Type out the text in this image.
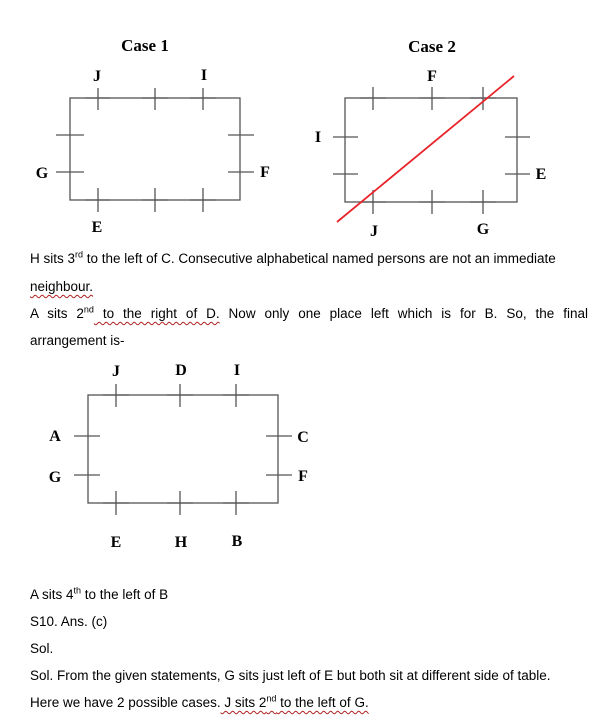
Case 1
J	I
G	F
E
Case 2
F
I
E
J	G
J	D	I
A
G
C
F
E	H	B
H sits 3rd to the left of C. Consecutive alphabetical named persons are not an immediate
neighbour.
A sits 2nd to the right of D. Now only one place left which is for B. So, the final
arrangement is-
A sits 4th to the left of B
S10. Ans. (c)
Sol.
Sol. From the given statements, G sits just left of E but both sit at different side of table.
Here we have 2 possible cases. J sits 2nd to the left of G.
